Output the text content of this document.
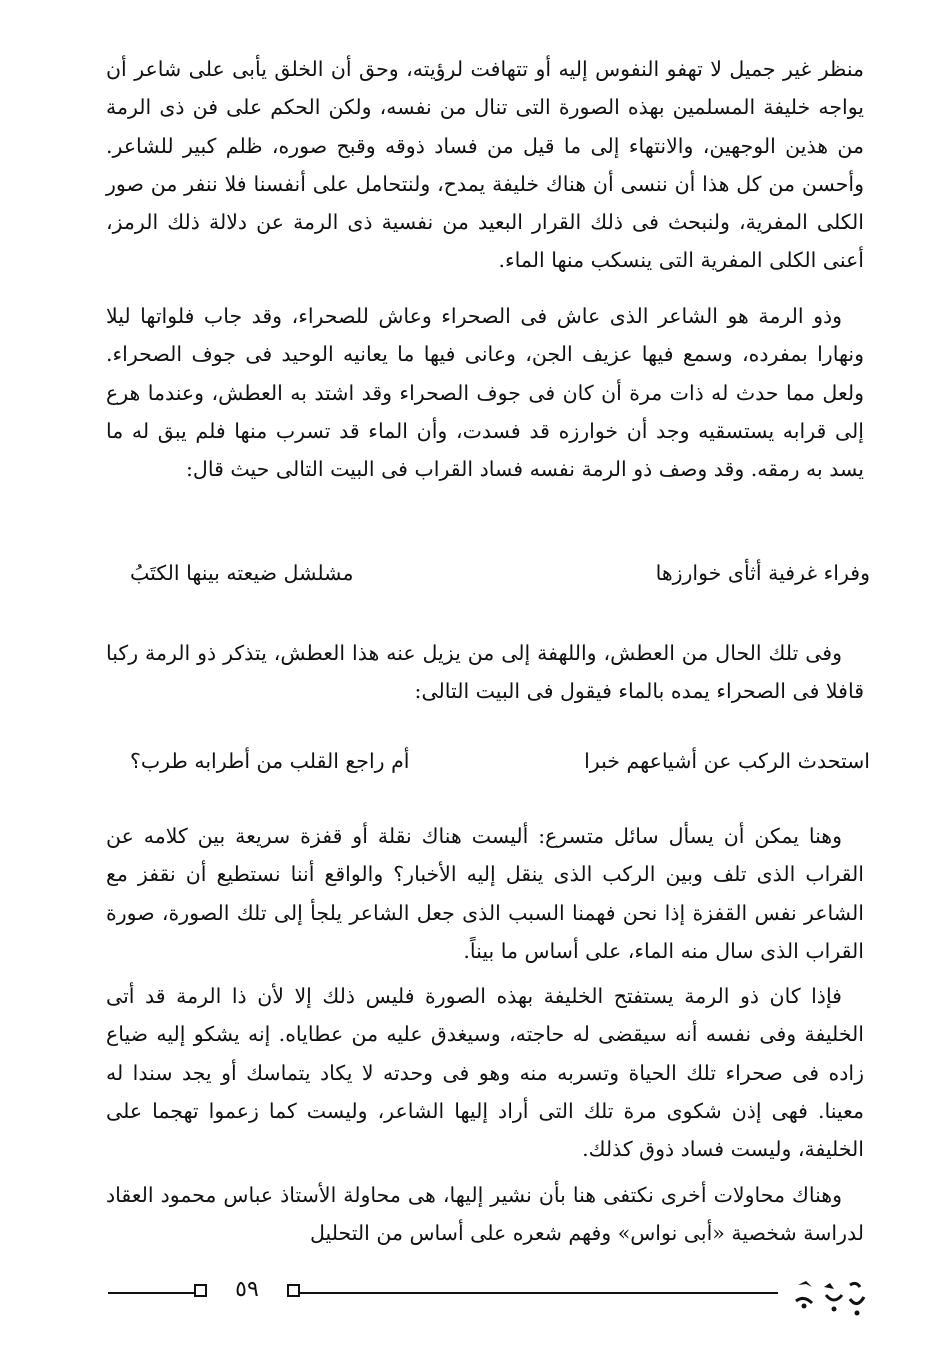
منظر غير جميل لا تهفو النفوس إليه أو تتهافت لرؤيته، وحق أن الخلق يأبى على شاعر أن يواجه خليفة المسلمين بهذه الصورة التى تنال من نفسه، ولكن الحكم على فن ذى الرمة من هذين الوجهين، والانتهاء إلى ما قيل من فساد ذوقه وقبح صوره، ظلم كبير للشاعر. وأحسن من كل هذا أن ننسى أن هناك خليفة يمدح، ولنتحامل على أنفسنا فلا ننفر من صور الكلى المفرية، ولنبحث فى ذلك القرار البعيد من نفسية ذى الرمة عن دلالة ذلك الرمز، أعنى الكلى المفرية التى ينسكب منها الماء.

وذو الرمة هو الشاعر الذى عاش فى الصحراء وعاش للصحراء، وقد جاب فلواتها ليلا ونهارا بمفرده، وسمع فيها عزيف الجن، وعانى فيها ما يعانيه الوحيد فى جوف الصحراء. ولعل مما حدث له ذات مرة أن كان فى جوف الصحراء وقد اشتد به العطش، وعندما هرع إلى قرابه يستسقيه وجد أن خوارزه قد فسدت، وأن الماء قد تسرب منها فلم يبق له ما يسد به رمقه. وقد وصف ذو الرمة نفسه فساد القراب فى البيت التالى حيث قال:

وفراء غرفية أثأى خوارزها
مشلشل ضيعته بينها الكتَبُ

وفى تلك الحال من العطش، واللهفة إلى من يزيل عنه هذا العطش، يتذكر ذو الرمة ركبا قافلا فى الصحراء يمده بالماء فيقول فى البيت التالى:

استحدث الركب عن أشياعهم خبرا
أم راجع القلب من أطرابه طرب؟

وهنا يمكن أن يسأل سائل متسرع: أليست هناك نقلة أو قفزة سريعة بين كلامه عن القراب الذى تلف وبين الركب الذى ينقل إليه الأخبار؟ والواقع أننا نستطيع أن نقفز مع الشاعر نفس القفزة إذا نحن فهمنا السبب الذى جعل الشاعر يلجأ إلى تلك الصورة، صورة القراب الذى سال منه الماء، على أساس ما بيناً.

فإذا كان ذو الرمة يستفتح الخليفة بهذه الصورة فليس ذلك إلا لأن ذا الرمة قد أتى الخليفة وفى نفسه أنه سيقضى له حاجته، وسيغدق عليه من عطاياه. إنه يشكو إليه ضياع زاده فى صحراء تلك الحياة وتسربه منه وهو فى وحدته لا يكاد يتماسك أو يجد سندا له معينا. فهى إذن شكوى مرة تلك التى أراد إليها الشاعر، وليست كما زعموا تهجما على الخليفة، وليست فساد ذوق كذلك.

وهناك محاولات أخرى نكتفى هنا بأن نشير إليها، هى محاولة الأستاذ عباس محمود العقاد لدراسة شخصية «أبى نواس» وفهم شعره على أساس من التحليل

٥٩
